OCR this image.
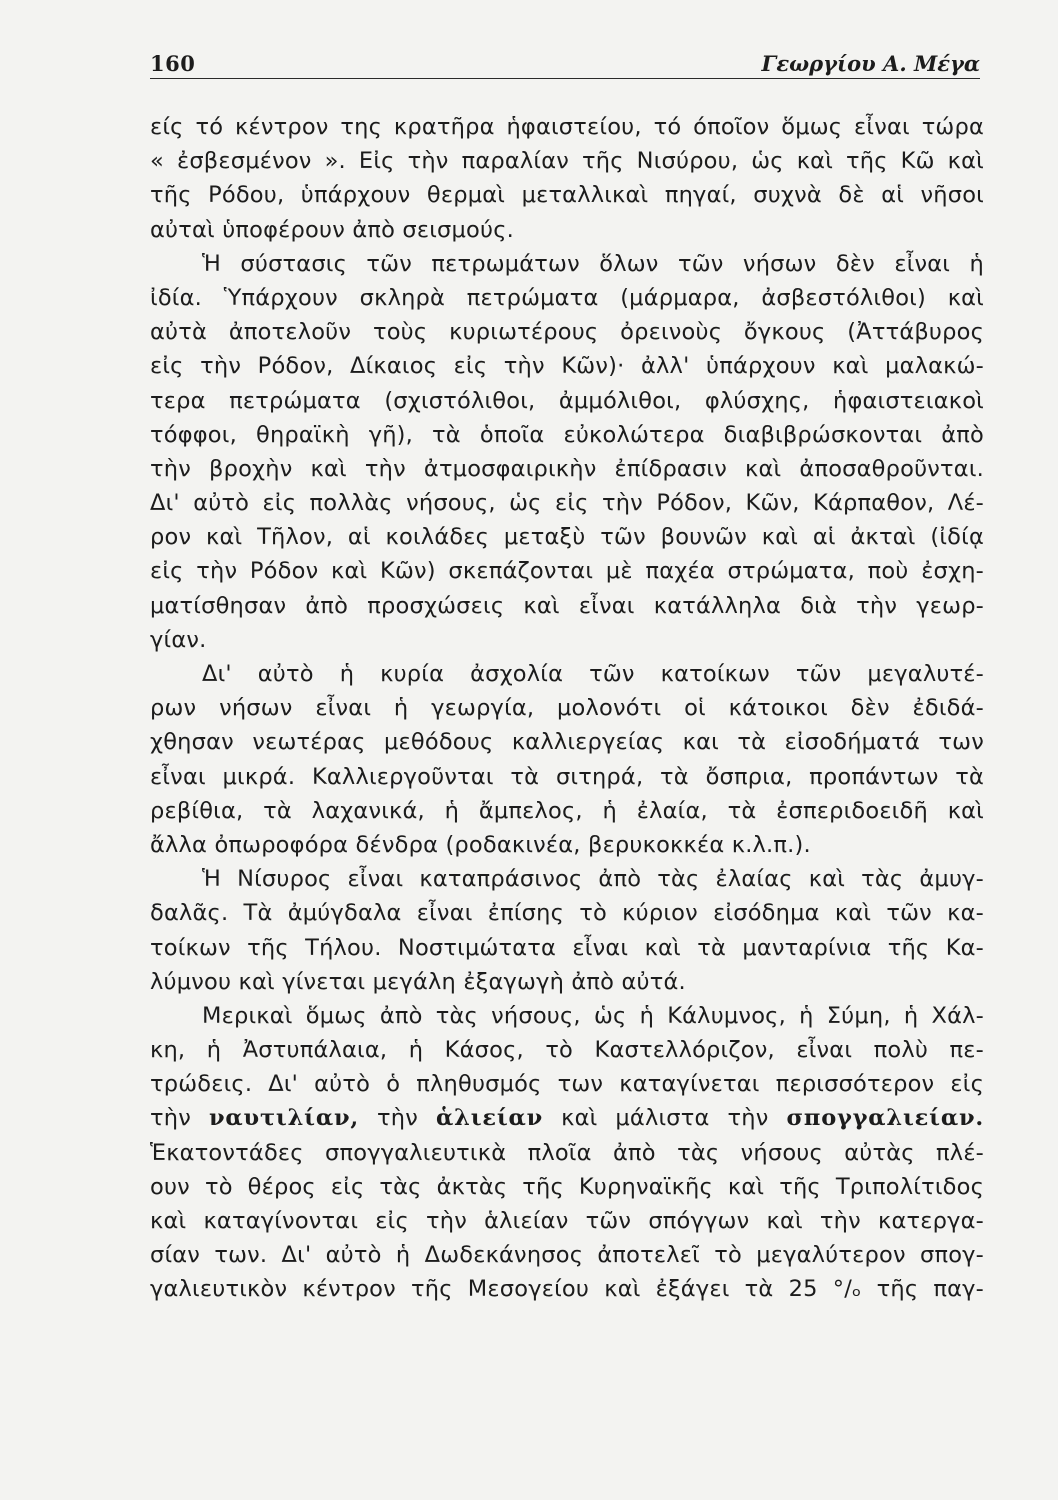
160	Γεωργίου Α. Μέγα
είς τό κέντρον της κρατῆρα ἡφαιστείου, τό όποῖον ὅμως εἶναι τώρα
« ἐσβεσμένον ». Εἰς τὴν παραλίαν τῆς Νισύρου, ὡς καὶ τῆς Κῶ καὶ
τῆς Ρόδου, ὑπάρχουν θερμαὶ μεταλλικαὶ πηγαί, συχνὰ δὲ αἱ νῆσοι
αὐταὶ ὑποφέρουν ἀπὸ σεισμούς.
Ἡ σύστασις τῶν πετρωμάτων ὅλων τῶν νήσων δὲν εἶναι ἡ
ἰδία. Ὑπάρχουν σκληρὰ πετρώματα (μάρμαρα, ἀσβεστόλιθοι) καὶ
αὐτὰ ἀποτελοῦν τοὺς κυριωτέρους ὀρεινοὺς ὄγκους (Ἀττάβυρος
εἰς τὴν Ρόδον, Δίκαιος εἰς τὴν Κῶν)· ἀλλ' ὑπάρχουν καὶ μαλακώ-
τερα πετρώματα (σχιστόλιθοι, ἀμμόλιθοι, φλύσχης, ἡφαιστειακοὶ
τόφφοι, θηραϊκὴ γῆ), τὰ ὁποῖα εὐκολώτερα διαβιβρώσκονται ἀπὸ
τὴν βροχὴν καὶ τὴν ἀτμοσφαιρικὴν ἐπίδρασιν καὶ ἀποσαθροῦνται.
Δι' αὐτὸ εἰς πολλὰς νήσους, ὡς εἰς τὴν Ρόδον, Κῶν, Κάρπαθον, Λέ-
ρον καὶ Τῆλον, αἱ κοιλάδες μεταξὺ τῶν βουνῶν καὶ αἱ ἀκταὶ (ἰδίᾳ
εἰς τὴν Ρόδον καὶ Κῶν) σκεπάζονται μὲ παχέα στρώματα, ποὺ ἐσχη-
ματίσθησαν ἀπὸ προσχώσεις καὶ εἶναι κατάλληλα διὰ τὴν γεωρ-
γίαν.
Δι' αὐτὸ ἡ κυρία ἀσχολία τῶν κατοίκων τῶν μεγαλυτέ-
ρων νήσων εἶναι ἡ γεωργία, μολονότι οἱ κάτοικοι δὲν ἐδιδά-
χθησαν νεωτέρας μεθόδους καλλιεργείας και τὰ εἰσοδήματά των
εἶναι μικρά. Καλλιεργοῦνται τὰ σιτηρά, τὰ ὄσπρια, προπάντων τὰ
ρεβίθια, τὰ λαχανικά, ἡ ἄμπελος, ἡ ἐλαία, τὰ ἐσπεριδοειδῆ καὶ
ἄλλα ὀπωροφόρα δένδρα (ροδακινέα, βερυκοκκέα κ.λ.π.).
Ἡ Νίσυρος εἶναι καταπράσινος ἀπὸ τὰς ἐλαίας καὶ τὰς ἀμυγ-
δαλᾶς. Τὰ ἀμύγδαλα εἶναι ἐπίσης τὸ κύριον εἰσόδημα καὶ τῶν κα-
τοίκων τῆς Τήλου. Νοστιμώτατα εἶναι καὶ τὰ μανταρίνια τῆς Κα-
λύμνου καὶ γίνεται μεγάλη ἐξαγωγὴ ἀπὸ αὐτά.
Μερικαὶ ὅμως ἀπὸ τὰς νήσους, ὡς ἡ Κάλυμνος, ἡ Σύμη, ἡ Χάλ-
κη, ἡ Ἀστυπάλαια, ἡ Κάσος, τὸ Καστελλόριζον, εἶναι πολὺ πε-
τρώδεις. Δι' αὐτὸ ὁ πληθυσμός των καταγίνεται περισσότερον εἰς
τὴν ναυτιλίαν, τὴν ἁλιείαν καὶ μάλιστα τὴν σπογγαλιείαν.
Ἑκατοντάδες σπογγαλιευτικὰ πλοῖα ἀπὸ τὰς νήσους αὐτὰς πλέ-
ουν τὸ θέρος εἰς τὰς ἀκτὰς τῆς Κυρηναϊκῆς καὶ τῆς Τριπολίτιδος
καὶ καταγίνονται εἰς τὴν ἁλιείαν τῶν σπόγγων καὶ τὴν κατεργα-
σίαν των. Δι' αὐτὸ ἡ Δωδεκάνησος ἀποτελεῖ τὸ μεγαλύτερον σπογ-
γαλιευτικὸν κέντρον τῆς Μεσογείου καὶ ἐξάγει τὰ 25 °/ₒ τῆς παγ-
